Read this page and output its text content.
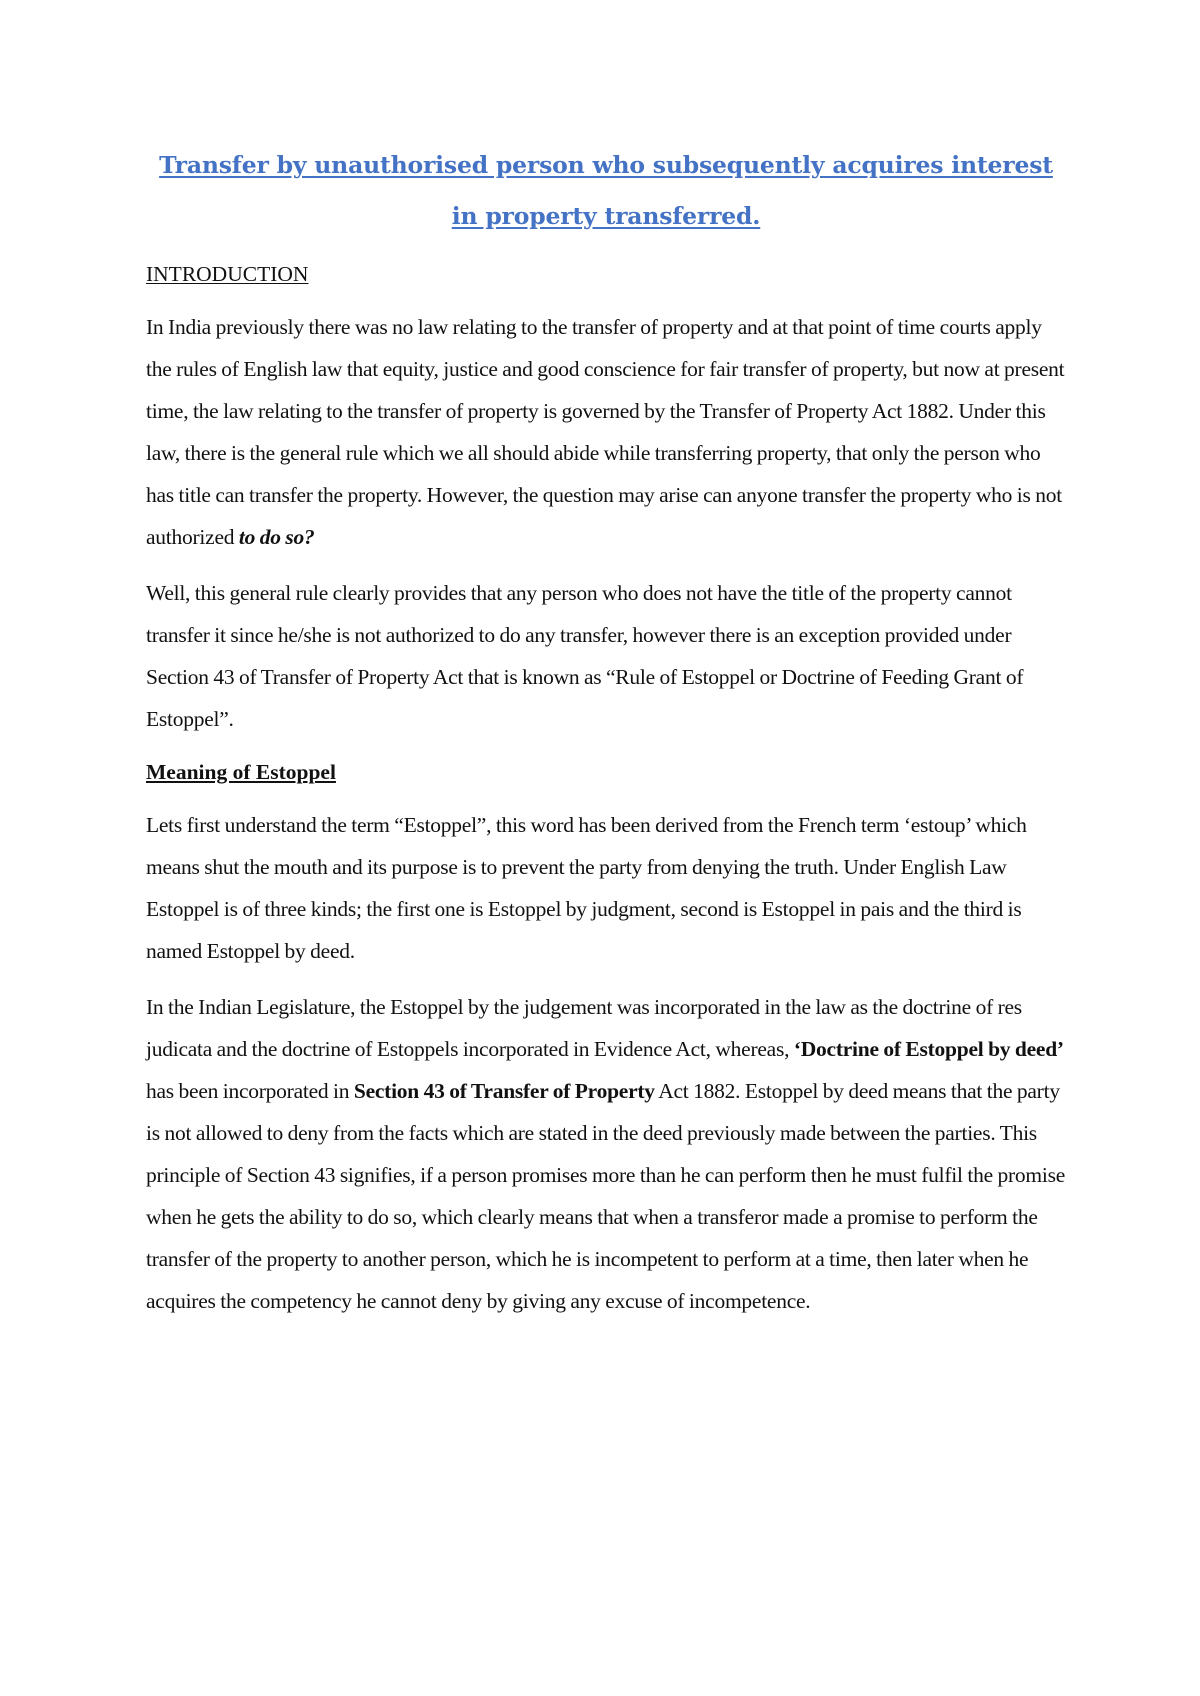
Transfer by unauthorised person who subsequently acquires interest in property transferred.
INTRODUCTION

In India previously there was no law relating to the transfer of property and at that point of time courts apply the rules of English law that equity, justice and good conscience for fair transfer of property, but now at present time, the law relating to the transfer of property is governed by the Transfer of Property Act 1882. Under this law, there is the general rule which we all should abide while transferring property, that only the person who has title can transfer the property. However, the question may arise can anyone transfer the property who is not authorized to do so?

Well, this general rule clearly provides that any person who does not have the title of the property cannot transfer it since he/she is not authorized to do any transfer, however there is an exception provided under Section 43 of Transfer of Property Act that is known as “Rule of Estoppel or Doctrine of Feeding Grant of Estoppel”.

Meaning of Estoppel

Lets first understand the term “Estoppel”, this word has been derived from the French term ‘estoup’ which means shut the mouth and its purpose is to prevent the party from denying the truth. Under English Law Estoppel is of three kinds; the first one is Estoppel by judgment, second is Estoppel in pais and the third is named Estoppel by deed.

In the Indian Legislature, the Estoppel by the judgement was incorporated in the law as the doctrine of res judicata and the doctrine of Estoppels incorporated in Evidence Act, whereas, ‘Doctrine of Estoppel by deed’ has been incorporated in Section 43 of Transfer of Property Act 1882. Estoppel by deed means that the party is not allowed to deny from the facts which are stated in the deed previously made between the parties. This principle of Section 43 signifies, if a person promises more than he can perform then he must fulfil the promise when he gets the ability to do so, which clearly means that when a transferor made a promise to perform the transfer of the property to another person, which he is incompetent to perform at a time, then later when he acquires the competency he cannot deny by giving any excuse of incompetence.
